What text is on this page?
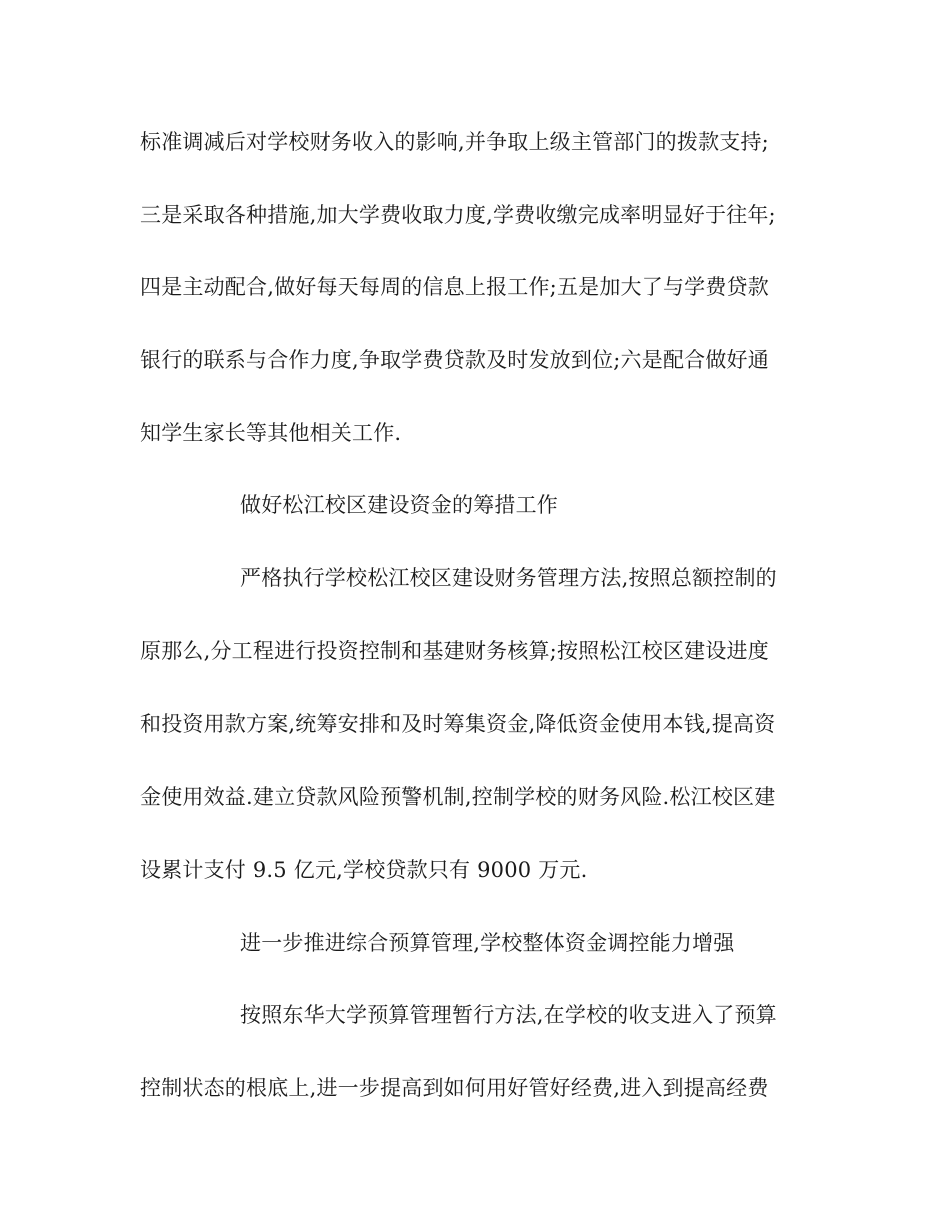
标准调减后对学校财务收入的影响,并争取上级主管部门的拨款支持;
三是采取各种措施,加大学费收取力度,学费收缴完成率明显好于往年;
四是主动配合,做好每天每周的信息上报工作;五是加大了与学费贷款
银行的联系与合作力度,争取学费贷款及时发放到位;六是配合做好通
知学生家长等其他相关工作.
做好松江校区建设资金的筹措工作
严格执行学校松江校区建设财务管理方法,按照总额控制的
原那么,分工程进行投资控制和基建财务核算;按照松江校区建设进度
和投资用款方案,统筹安排和及时筹集资金,降低资金使用本钱,提高资
金使用效益.建立贷款风险预警机制,控制学校的财务风险.松江校区建
设累计支付 9.5 亿元,学校贷款只有 9000 万元.
进一步推进综合预算管理,学校整体资金调控能力增强
按照东华大学预算管理暂行方法,在学校的收支进入了预算
控制状态的根底上,进一步提高到如何用好管好经费,进入到提高经费
